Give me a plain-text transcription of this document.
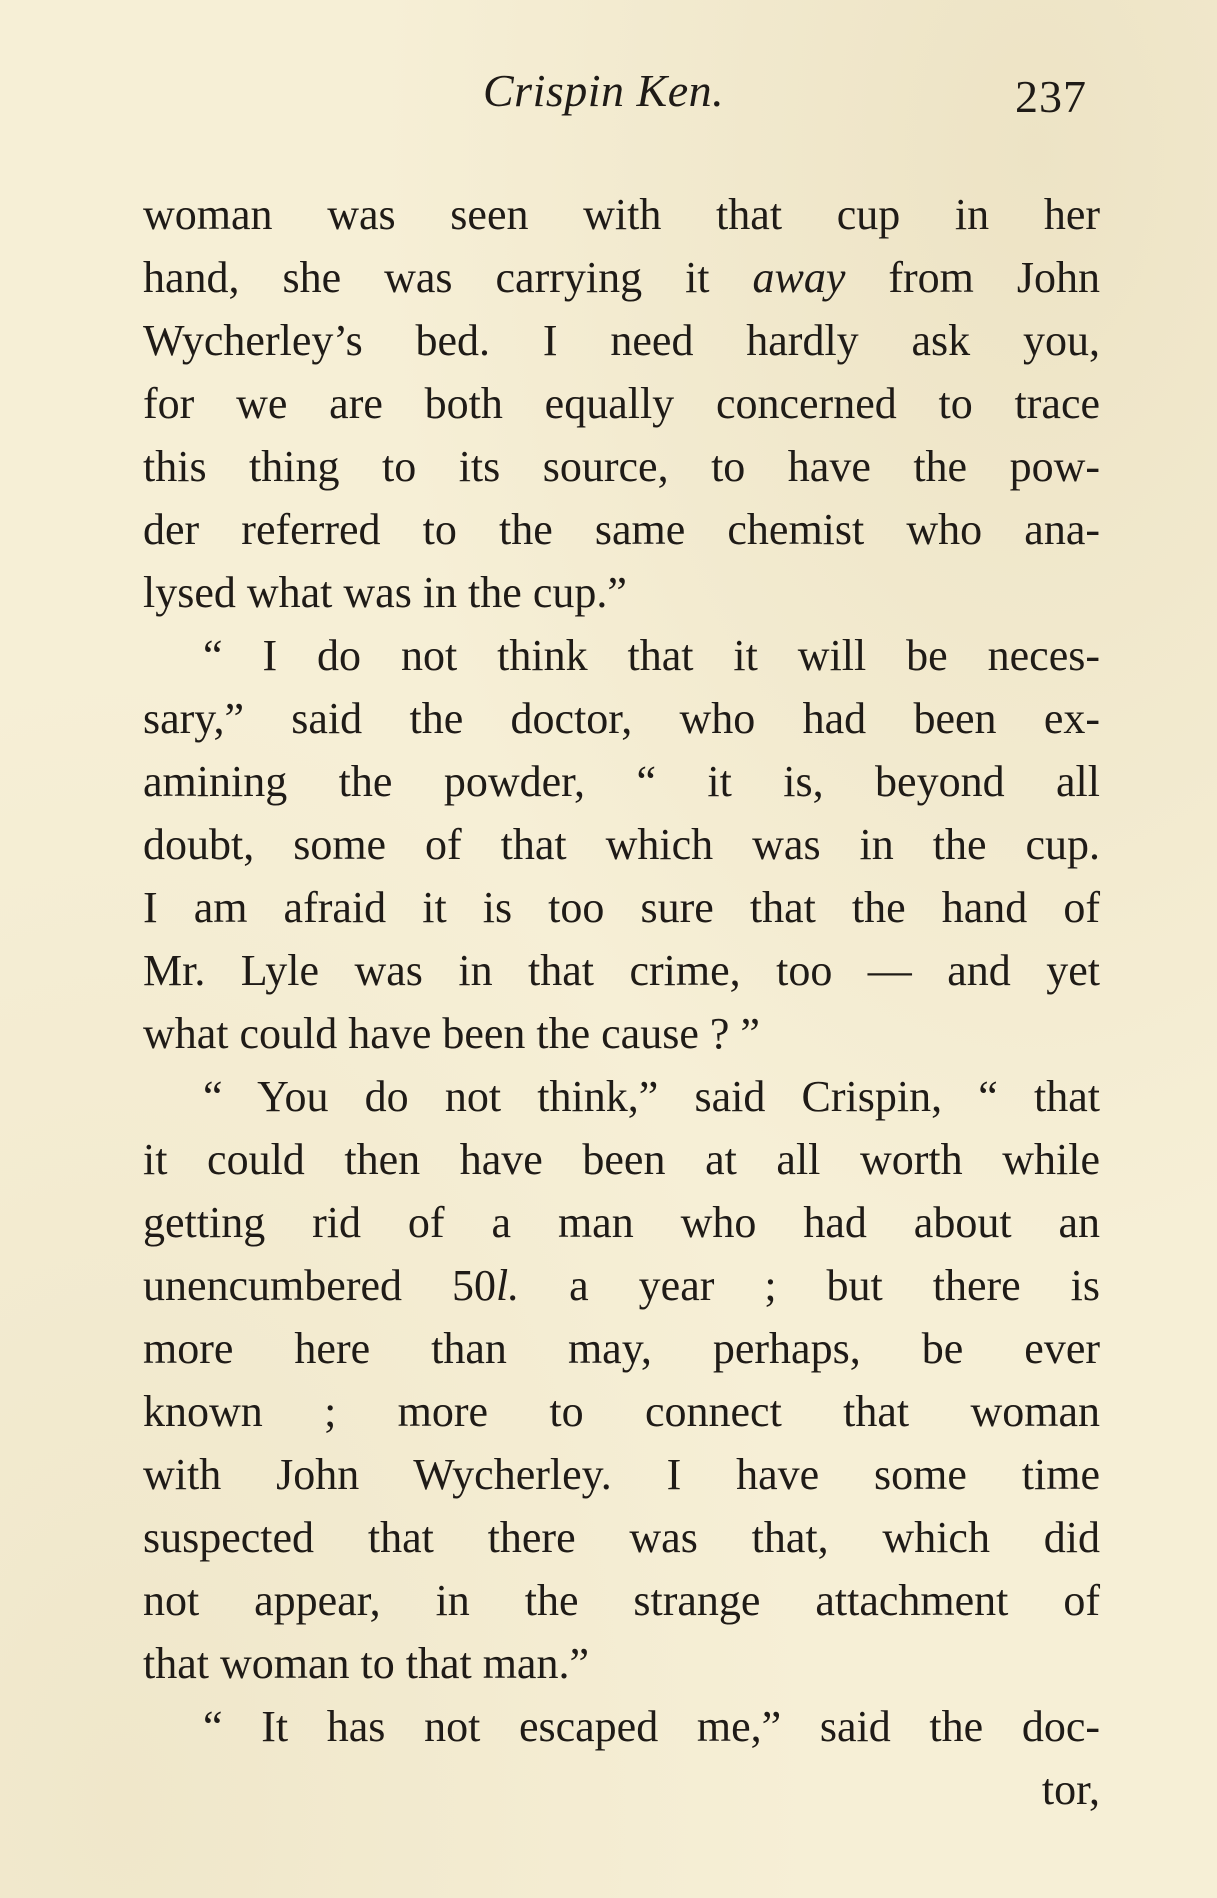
Crispin Ken.	237
woman was seen with that cup in her
hand, she was carrying it away from John
Wycherley’s bed. I need hardly ask you,
for we are both equally concerned to trace
this thing to its source, to have the pow-
der referred to the same chemist who ana-
lysed what was in the cup.”
“ I do not think that it will be neces-
sary,” said the doctor, who had been ex-
amining the powder, “ it is, beyond all
doubt, some of that which was in the cup.
I am afraid it is too sure that the hand of
Mr. Lyle was in that crime, too — and yet
what could have been the cause ? ”
“ You do not think,” said Crispin, “ that
it could then have been at all worth while
getting rid of a man who had about an
unencumbered 50l. a year ; but there is
more here than may, perhaps, be ever
known ; more to connect that woman
with John Wycherley. I have some time
suspected that there was that, which did
not appear, in the strange attachment of
that woman to that man.”
“ It has not escaped me,” said the doc-
tor,
